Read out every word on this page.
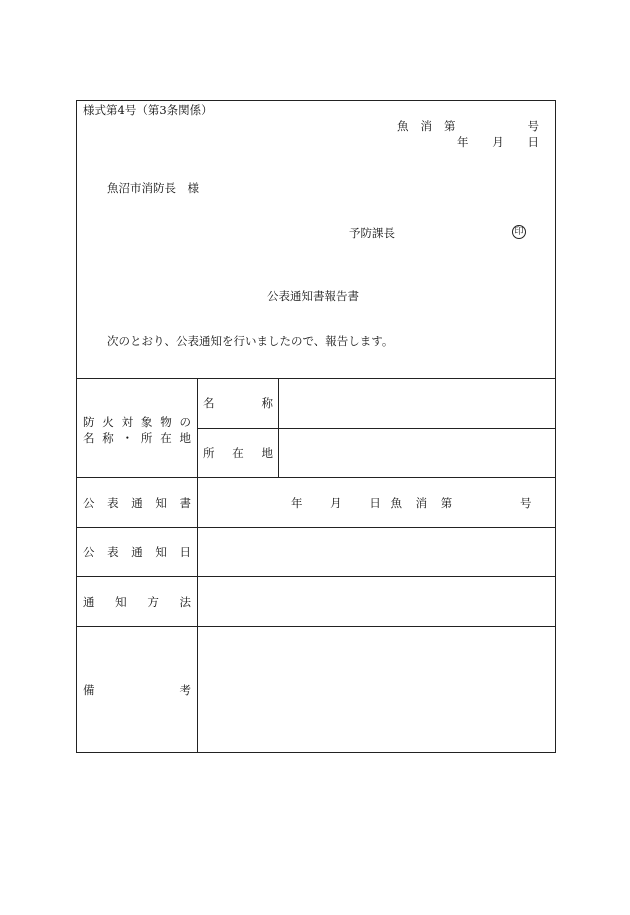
様式第4号（第3条関係）
魚 消 第	号
年 月 日
魚沼市消防長　様
予防課長	印
公表通知書報告書
次のとおり、公表通知を行いましたので、報告します。
防 火 対 象 物 の
名 称 ・ 所 在 地
名	称
所 在 地
公 表 通 知 書	年 月 日 魚 消 第	号
公 表 通 知 日
通 知 方 法
備	考
